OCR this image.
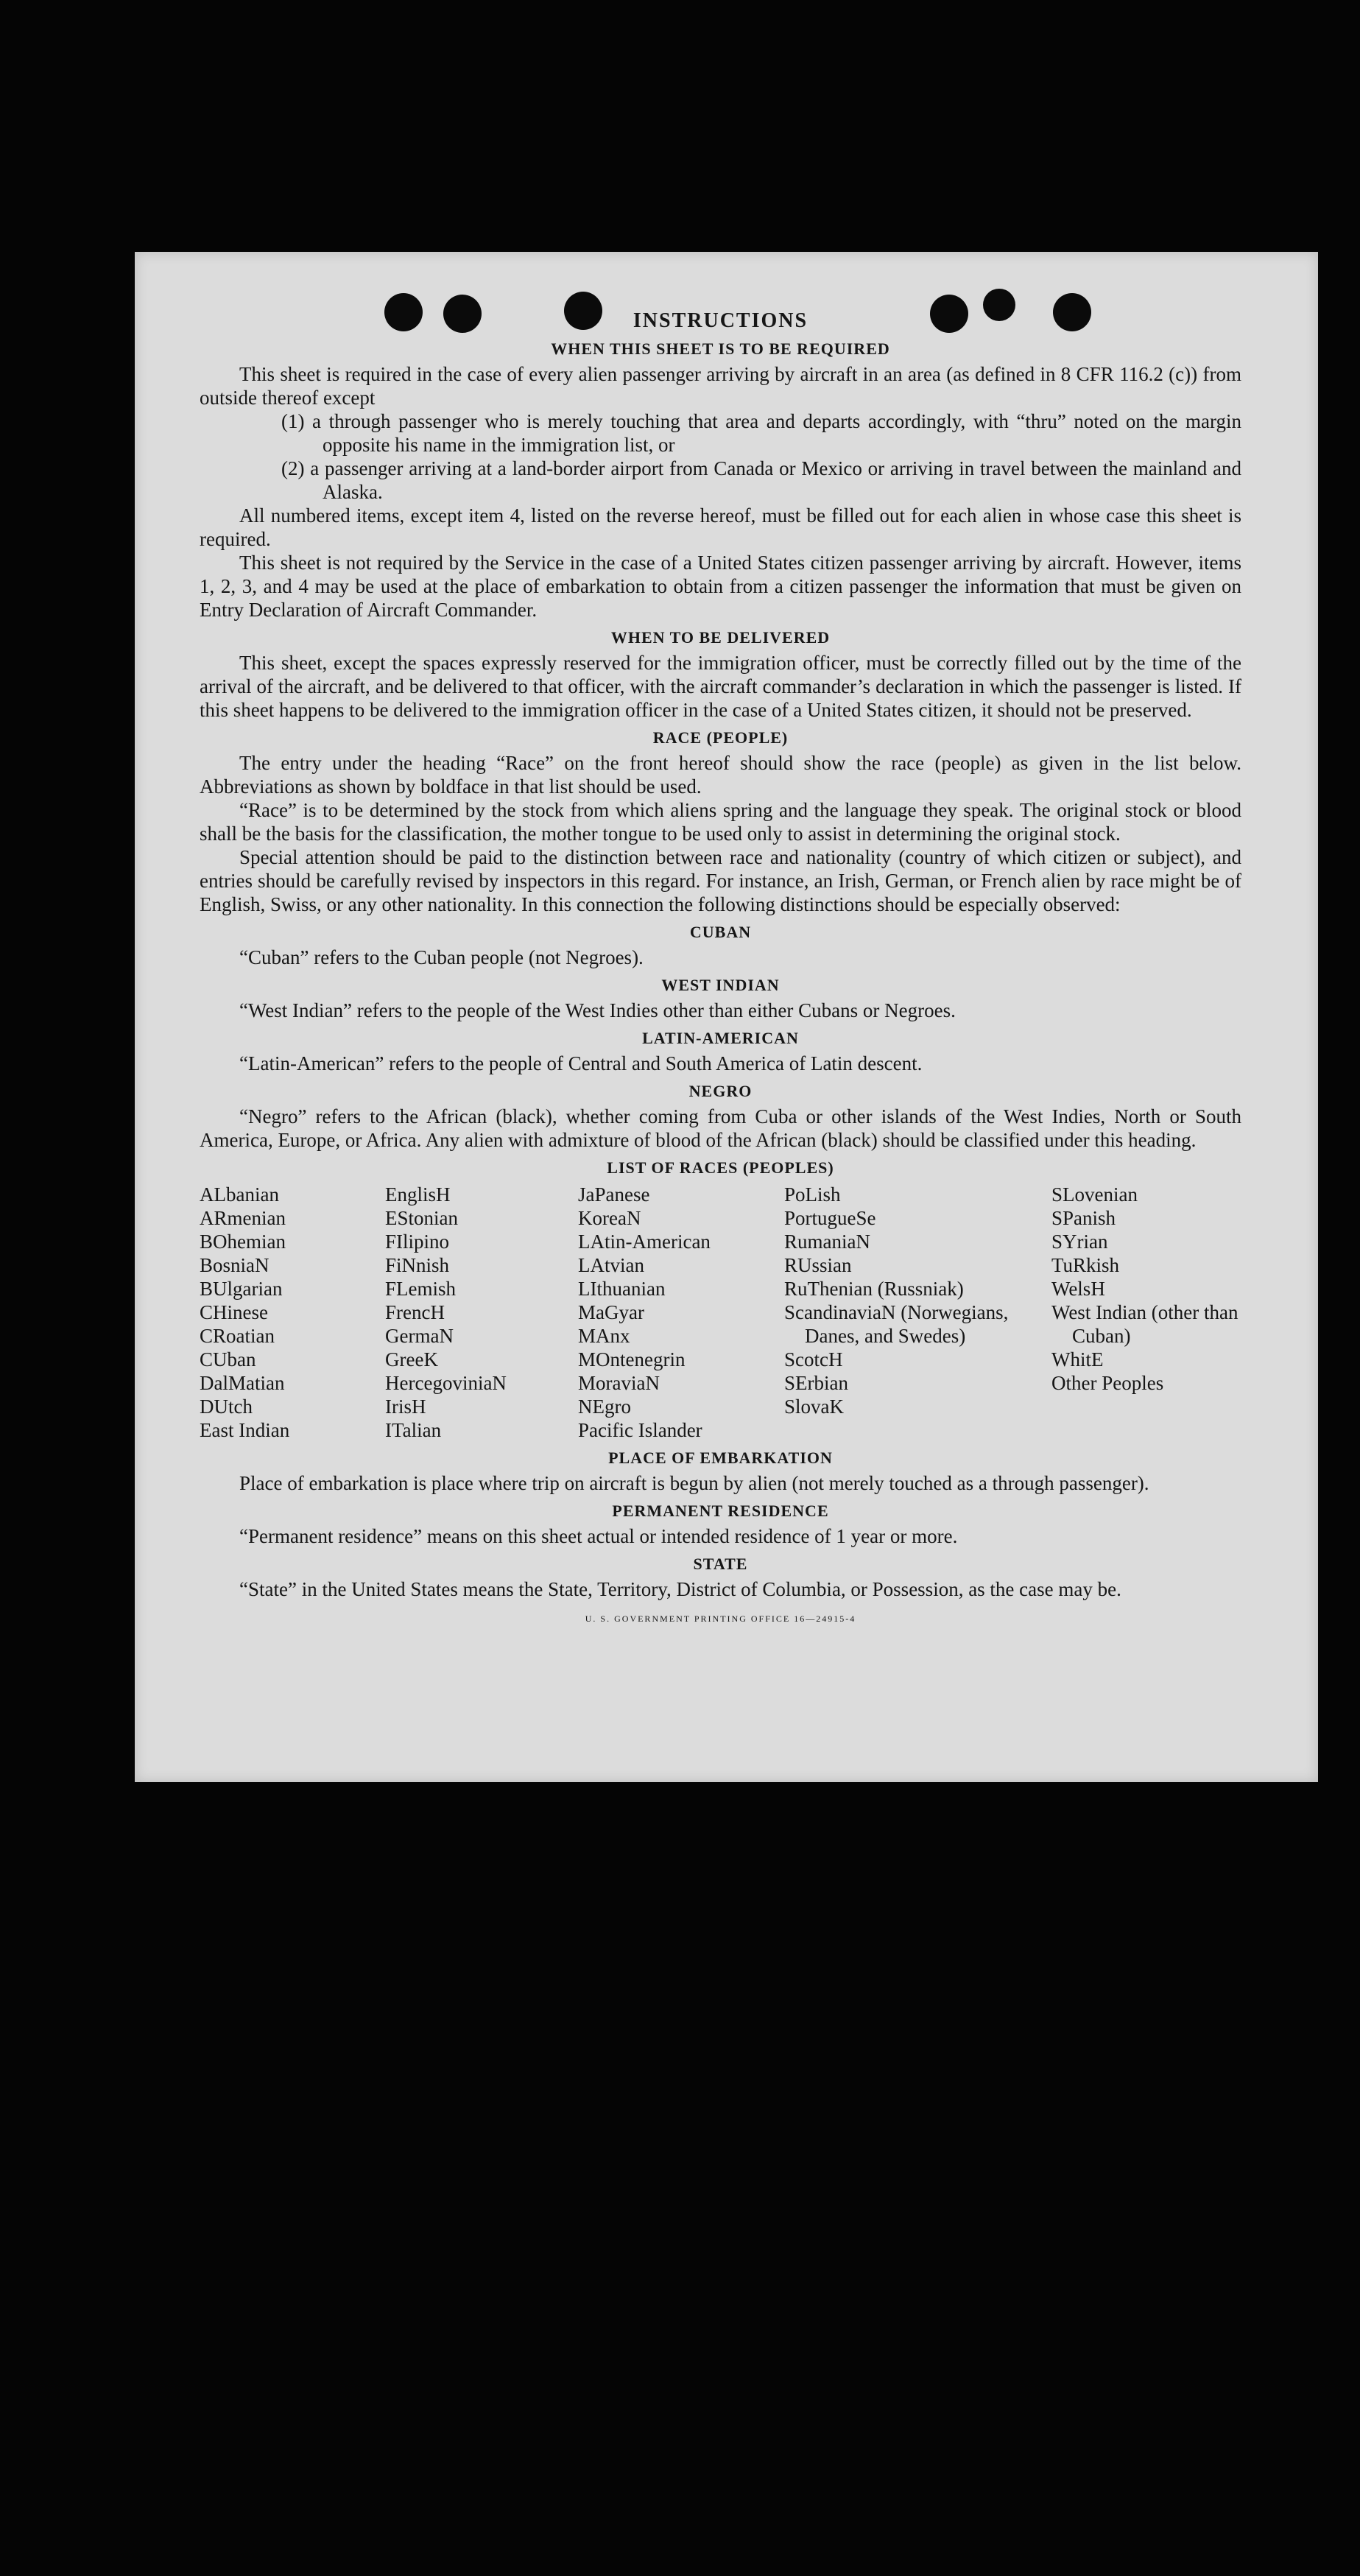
INSTRUCTIONS
WHEN THIS SHEET IS TO BE REQUIRED

This sheet is required in the case of every alien passenger arriving by aircraft in an area (as defined in 8 CFR 116.2 (c)) from outside thereof except

(1) a through passenger who is merely touching that area and departs accordingly, with “thru” noted on the margin opposite his name in the immigration list, or

(2) a passenger arriving at a land-border airport from Canada or Mexico or arriving in travel between the mainland and Alaska.

All numbered items, except item 4, listed on the reverse hereof, must be filled out for each alien in whose case this sheet is required.

This sheet is not required by the Service in the case of a United States citizen passenger arriving by aircraft. However, items 1, 2, 3, and 4 may be used at the place of embarkation to obtain from a citizen passenger the information that must be given on Entry Declaration of Aircraft Commander.

WHEN TO BE DELIVERED

This sheet, except the spaces expressly reserved for the immigration officer, must be correctly filled out by the time of the arrival of the aircraft, and be delivered to that officer, with the aircraft commander’s declaration in which the passenger is listed. If this sheet happens to be delivered to the immigration officer in the case of a United States citizen, it should not be preserved.

RACE (PEOPLE)

The entry under the heading “Race” on the front hereof should show the race (people) as given in the list below. Abbreviations as shown by boldface in that list should be used.

“Race” is to be determined by the stock from which aliens spring and the language they speak. The original stock or blood shall be the basis for the classification, the mother tongue to be used only to assist in determining the original stock.

Special attention should be paid to the distinction between race and nationality (country of which citizen or subject), and entries should be carefully revised by inspectors in this regard. For instance, an Irish, German, or French alien by race might be of English, Swiss, or any other nationality. In this connection the following distinctions should be especially observed:

CUBAN

“Cuban” refers to the Cuban people (not Negroes).

WEST INDIAN

“West Indian” refers to the people of the West Indies other than either Cubans or Negroes.

LATIN-AMERICAN

“Latin-American” refers to the people of Central and South America of Latin descent.

NEGRO

“Negro” refers to the African (black), whether coming from Cuba or other islands of the West Indies, North or South America, Europe, or Africa. Any alien with admixture of blood of the African (black) should be classified under this heading.

LIST OF RACES (PEOPLES)
ALbanian
ARmenian
BOhemian
BosniaN
BUlgarian
CHinese
CRoatian
CUban
DalMatian
DUtch
East Indian
EnglisH
EStonian
FIlipino
FiNnish
FLemish
FrencH
GermaN
GreeK
HercegoviniaN
IrisH
ITalian
JaPanese
KoreaN
LAtin-American
LAtvian
LIthuanian
MaGyar
MAnx
MOntenegrin
MoraviaN
NEgro
Pacific Islander
PoLish
PortugueSe
RumaniaN
RUssian
RuThenian (Russniak)
ScandinaviaN (Norwegians, Danes, and Swedes)
ScotcH
SErbian
SlovaK
SLovenian
SPanish
SYrian
TuRkish
WelsH
West Indian (other than Cuban)
WhitE
Other Peoples
PLACE OF EMBARKATION

Place of embarkation is place where trip on aircraft is begun by alien (not merely touched as a through passenger).

PERMANENT RESIDENCE

“Permanent residence” means on this sheet actual or intended residence of 1 year or more.

STATE

“State” in the United States means the State, Territory, District of Columbia, or Possession, as the case may be.

U. S. GOVERNMENT PRINTING OFFICE 16—24915-4
